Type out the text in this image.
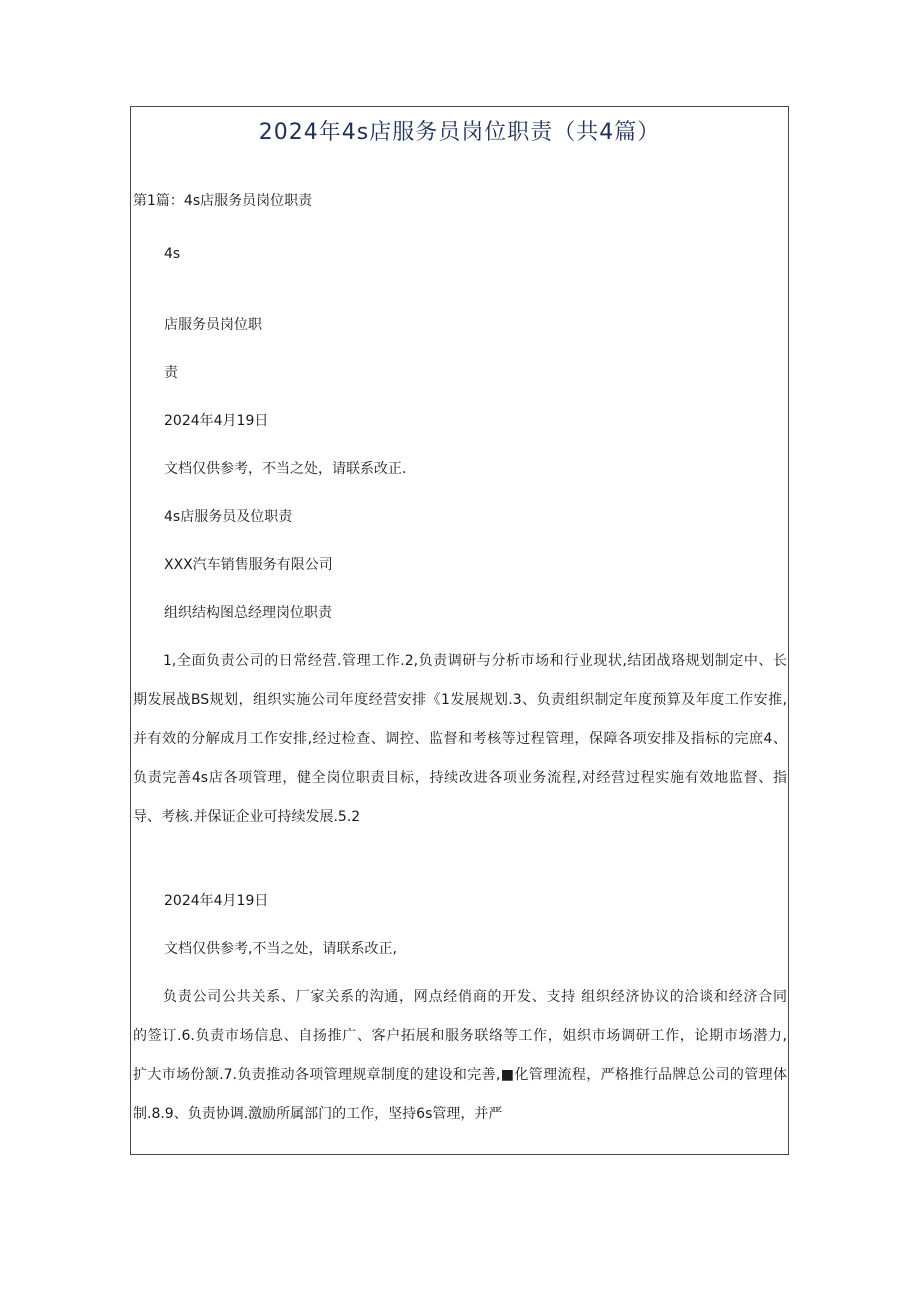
2024年4s店服务员岗位职责（共4篇）
第1篇：4s店服务员岗位职责
4s
店服务员岗位职
责
2024年4月19日
文档仅供参考，不当之处，请联系改正.
4s店服务员及位职责
XXX汽车销售服务有限公司
组织结构图总经理岗位职责
1,全面负责公司的日常经营.管理工作.2,负责调研与分析市场和行业现状,结团战珞规划制定中、长
期发展战BS规划，组织实施公司年度经营安排《1发展规划.3、负责组织制定年度预算及年度工作安推,
并有效的分解成月工作安排,经过检查、调控、监督和考核等过程管理，保障各项安排及指标的完庶4、
负责完善4s店各项管理，健全岗位职责目标，持续改进各项业务流程,对经营过程实施有效地监督、指
导、考核.并保证企业可持续发展.5.2
2024年4月19日
文档仅供参考,不当之处，请联系改正,
负责公司公共关系、厂家关系的沟通，网点经俏商的开发、支持 组织经济协议的洽谈和经济合同
的签订.6.负责市场信息、自扬推广、客户拓展和服务联络等工作，姐织市场调研工作，论期市场潜力,
扩大市场份颔.7.负责推动各项管理规章制度的建设和完善,■化管理流程，严格推行品牌总公司的管理体
制.8.9、负责协调.激励所属部门的工作，坚持6s管理，并严
